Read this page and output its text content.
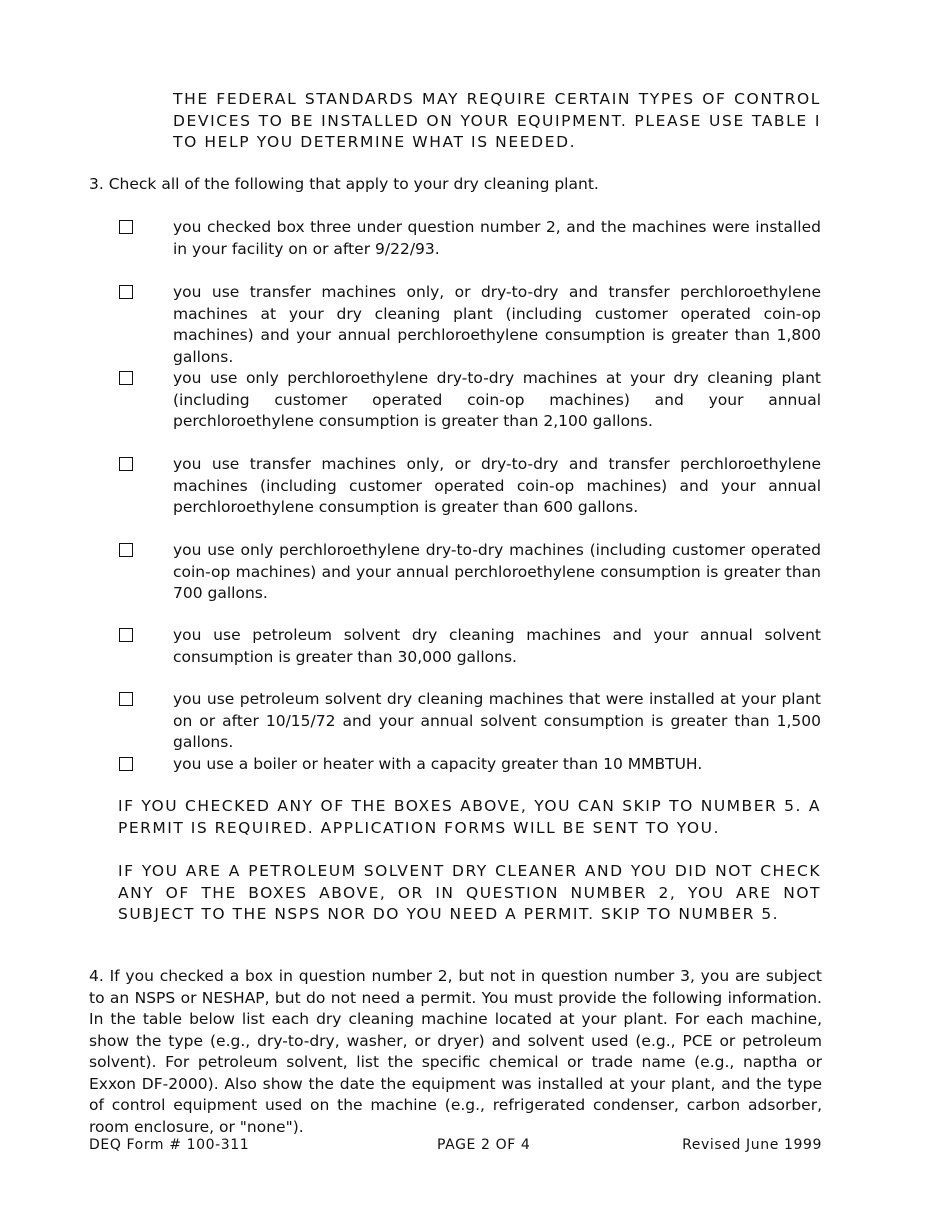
THE FEDERAL STANDARDS MAY REQUIRE CERTAIN TYPES OF CONTROL DEVICES TO BE INSTALLED ON YOUR EQUIPMENT. PLEASE USE TABLE I TO HELP YOU DETERMINE WHAT IS NEEDED.
3. Check all of the following that apply to your dry cleaning plant.
you checked box three under question number 2, and the machines were installed in your facility on or after 9/22/93.
you use transfer machines only, or dry-to-dry and transfer perchloroethylene machines at your dry cleaning plant (including customer operated coin-op machines) and your annual perchloroethylene consumption is greater than 1,800 gallons.
you use only perchloroethylene dry-to-dry machines at your dry cleaning plant (including customer operated coin-op machines) and your annual perchloroethylene consumption is greater than 2,100 gallons.
you use transfer machines only, or dry-to-dry and transfer perchloroethylene machines (including customer operated coin-op machines) and your annual perchloroethylene consumption is greater than 600 gallons.
you use only perchloroethylene dry-to-dry machines (including customer operated coin-op machines) and your annual perchloroethylene consumption is greater than 700 gallons.
you use petroleum solvent dry cleaning machines and your annual solvent consumption is greater than 30,000 gallons.
you use petroleum solvent dry cleaning machines that were installed at your plant on or after 10/15/72 and your annual solvent consumption is greater than 1,500 gallons.
you use a boiler or heater with a capacity greater than 10 MMBTUH.
IF YOU CHECKED ANY OF THE BOXES ABOVE, YOU CAN SKIP TO NUMBER 5. A PERMIT IS REQUIRED. APPLICATION FORMS WILL BE SENT TO YOU.
IF YOU ARE A PETROLEUM SOLVENT DRY CLEANER AND YOU DID NOT CHECK ANY OF THE BOXES ABOVE, OR IN QUESTION NUMBER 2, YOU ARE NOT SUBJECT TO THE NSPS NOR DO YOU NEED A PERMIT. SKIP TO NUMBER 5.
4. If you checked a box in question number 2, but not in question number 3, you are subject to an NSPS or NESHAP, but do not need a permit. You must provide the following information. In the table below list each dry cleaning machine located at your plant. For each machine, show the type (e.g., dry-to-dry, washer, or dryer) and solvent used (e.g., PCE or petroleum solvent). For petroleum solvent, list the specific chemical or trade name (e.g., naptha or Exxon DF-2000). Also show the date the equipment was installed at your plant, and the type of control equipment used on the machine (e.g., refrigerated condenser, carbon adsorber, room enclosure, or "none").
DEQ Form # 100-311	PAGE 2 OF 4	Revised June 1999
